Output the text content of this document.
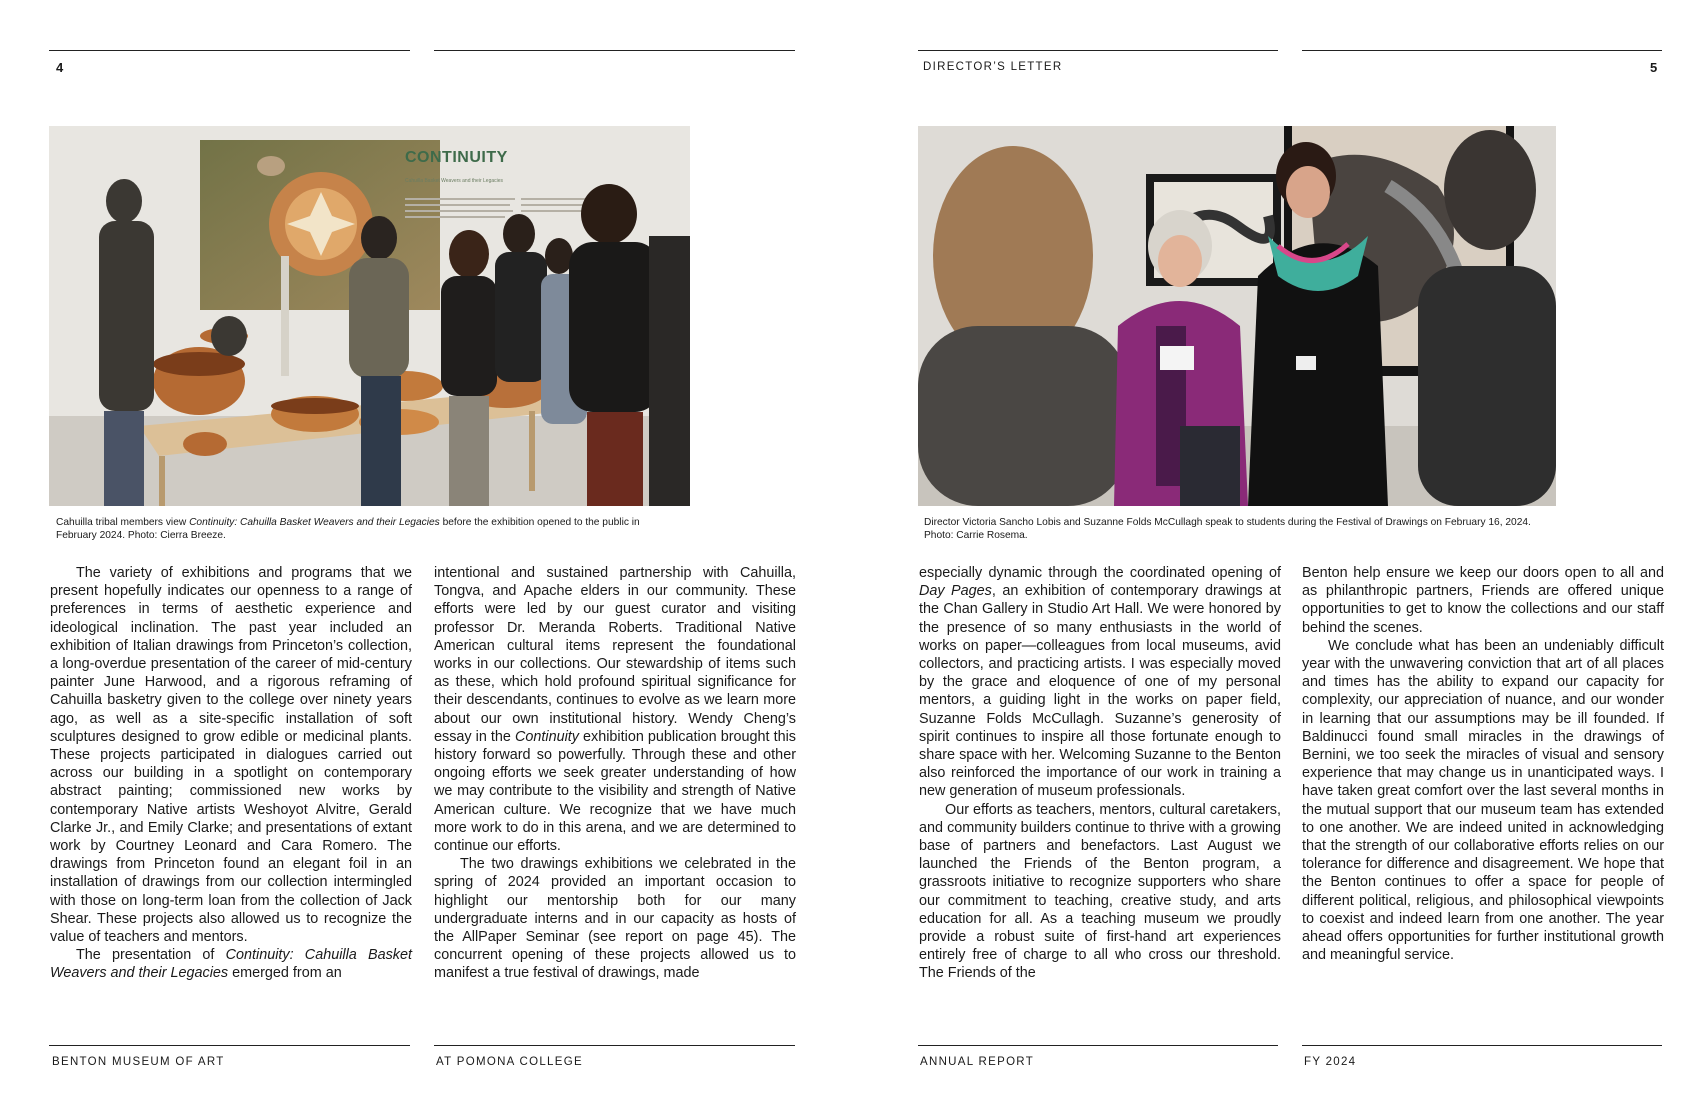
4
CONTINUITY
Cahuilla Basket Weavers and their Legacies
Cahuilla tribal members view Continuity: Cahuilla Basket Weavers and their Legacies before the exhibition opened to the public in February 2024. Photo: Cierra Breeze.

The variety of exhibitions and programs that we present hopefully indicates our openness to a range of preferences in terms of aesthetic experience and ideological inclination. The past year included an exhibition of Italian drawings from Princeton’s collection, a long-overdue presentation of the career of mid-century painter June Harwood, and a rigorous reframing of Cahuilla basketry given to the college over ninety years ago, as well as a site-specific installation of soft sculptures designed to grow edible or medicinal plants. These projects participated in dialogues carried out across our building in a spotlight on contemporary abstract painting; commissioned new works by contemporary Native artists Weshoyot Alvitre, Gerald Clarke Jr., and Emily Clarke; and presentations of extant work by Courtney Leonard and Cara Romero. The drawings from Princeton found an elegant foil in an installation of drawings from our collection intermingled with those on long-term loan from the collection of Jack Shear. These projects also allowed us to recognize the value of teachers and mentors.

The presentation of Continuity: Cahuilla Basket Weavers and their Legacies emerged from an

intentional and sustained partnership with Cahuilla, Tongva, and Apache elders in our community. These efforts were led by our guest curator and visiting professor Dr. Meranda Roberts. Traditional Native American cultural items represent the foundational works in our collections. Our stewardship of items such as these, which hold profound spiritual significance for their descendants, continues to evolve as we learn more about our own institutional history. Wendy Cheng’s essay in the Continuity exhibition publication brought this history forward so powerfully. Through these and other ongoing efforts we seek greater understanding of how we may contribute to the visibility and strength of Native American culture. We recognize that we have much more work to do in this arena, and we are determined to continue our efforts.

The two drawings exhibitions we celebrated in the spring of 2024 provided an important occasion to highlight our mentorship both for our many undergraduate interns and in our capacity as hosts of the AllPaper Seminar (see report on page 45). The concurrent opening of these projects allowed us to manifest a true festival of drawings, made

BENTON MUSEUM OF ART	AT POMONA COLLEGE
DIRECTOR’S LETTER	5
Director Victoria Sancho Lobis and Suzanne Folds McCullagh speak to students during the Festival of Drawings on February 16, 2024. Photo: Carrie Rosema.

especially dynamic through the coordinated opening of Day Pages, an exhibition of contemporary drawings at the Chan Gallery in Studio Art Hall. We were honored by the presence of so many enthusiasts in the world of works on paper—colleagues from local museums, avid collectors, and practicing artists. I was especially moved by the grace and eloquence of one of my personal mentors, a guiding light in the works on paper field, Suzanne Folds McCullagh. Suzanne’s generosity of spirit continues to inspire all those fortunate enough to share space with her. Welcoming Suzanne to the Benton also reinforced the importance of our work in training a new generation of museum professionals.

Our efforts as teachers, mentors, cultural caretakers, and community builders continue to thrive with a growing base of partners and benefactors. Last August we launched the Friends of the Benton program, a grassroots initiative to recognize supporters who share our commitment to teaching, creative study, and arts education for all. As a teaching museum we proudly provide a robust suite of first-hand art experiences entirely free of charge to all who cross our threshold. The Friends of the

Benton help ensure we keep our doors open to all and as philanthropic partners, Friends are offered unique opportunities to get to know the collections and our staff behind the scenes.

We conclude what has been an undeniably difficult year with the unwavering conviction that art of all places and times has the ability to expand our capacity for complexity, our appreciation of nuance, and our wonder in learning that our assumptions may be ill founded. If Baldinucci found small miracles in the drawings of Bernini, we too seek the miracles of visual and sensory experience that may change us in unanticipated ways. I have taken great comfort over the last several months in the mutual support that our museum team has extended to one another. We are indeed united in acknowledging that the strength of our collaborative efforts relies on our tolerance for difference and disagreement. We hope that the Benton continues to offer a space for people of different political, religious, and philosophical viewpoints to coexist and indeed learn from one another. The year ahead offers opportunities for further institutional growth and meaningful service.

ANNUAL REPORT	FY 2024
